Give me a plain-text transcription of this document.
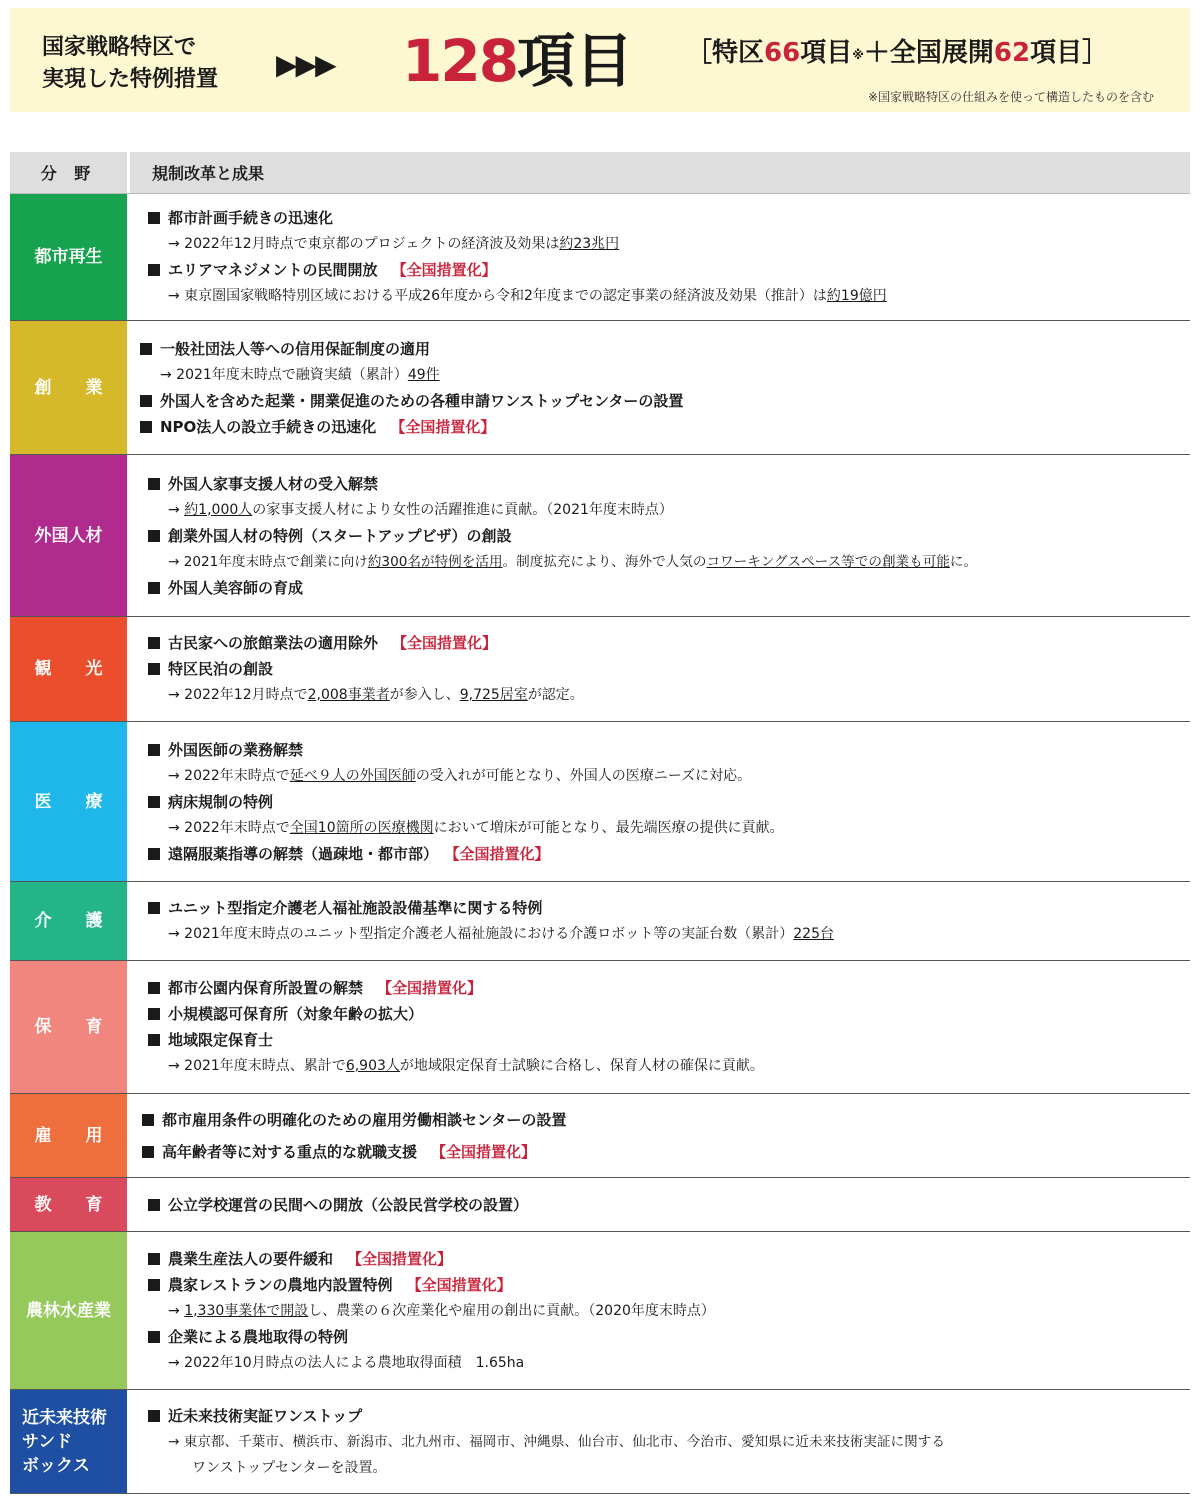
国家戦略特区で
実現した特例措置 ▶▶▶ 128項目 ［特区66項目※＋全国展開62項目］
※国家戦略特区の仕組みを使って構造したものを含む
分 野	規制改革と成果
都市再生
都市計画手続きの迅速化
→ 2022年12月時点で東京都のプロジェクトの経済波及効果は約23兆円
エリアマネジメントの民間開放 【全国措置化】
→ 東京圏国家戦略特別区域における平成26年度から令和2年度までの認定事業の経済波及効果（推計）は約19億円
創　　業
一般社団法人等への信用保証制度の適用
→ 2021年度末時点で融資実績（累計）49件
外国人を含めた起業・開業促進のための各種申請ワンストップセンターの設置
NPO法人の設立手続きの迅速化 【全国措置化】
外国人材
外国人家事支援人材の受入解禁
→ 約1,000人の家事支援人材により女性の活躍推進に貢献。（2021年度末時点）
創業外国人材の特例（スタートアップビザ）の創設
→ 2021年度末時点で創業に向け約300名が特例を活用。制度拡充により、海外で人気のコワーキングスペース等での創業も可能に。
外国人美容師の育成
観　　光
古民家への旅館業法の適用除外 【全国措置化】
特区民泊の創設
→ 2022年12月時点で2,008事業者が参入し、9,725居室が認定。
医　　療
外国医師の業務解禁
→ 2022年末時点で延べ９人の外国医師の受入れが可能となり、外国人の医療ニーズに対応。
病床規制の特例
→ 2022年末時点で全国10箇所の医療機関において増床が可能となり、最先端医療の提供に貢献。
遠隔服薬指導の解禁（過疎地・都市部） 【全国措置化】
介　　護
ユニット型指定介護老人福祉施設設備基準に関する特例
→ 2021年度末時点のユニット型指定介護老人福祉施設における介護ロボット等の実証台数（累計）225台
保　　育
都市公園内保育所設置の解禁 【全国措置化】
小規模認可保育所（対象年齢の拡大）
地域限定保育士
→ 2021年度末時点、累計で6,903人が地域限定保育士試験に合格し、保育人材の確保に貢献。
雇　　用
都市雇用条件の明確化のための雇用労働相談センターの設置
高年齢者等に対する重点的な就職支援 【全国措置化】
教　　育	公立学校運営の民間への開放（公設民営学校の設置）
農林水産業
農業生産法人の要件緩和 【全国措置化】
農家レストランの農地内設置特例 【全国措置化】
→ 1,330事業体で開設し、農業の６次産業化や雇用の創出に貢献。（2020年度末時点）
企業による農地取得の特例
→ 2022年10月時点の法人による農地取得面積　1.65ha
近未来技術
サンド
ボックス
近未来技術実証ワンストップ
→ 東京都、千葉市、横浜市、新潟市、北九州市、福岡市、沖縄県、仙台市、仙北市、今治市、愛知県に近未来技術実証に関する
ワンストップセンターを設置。
